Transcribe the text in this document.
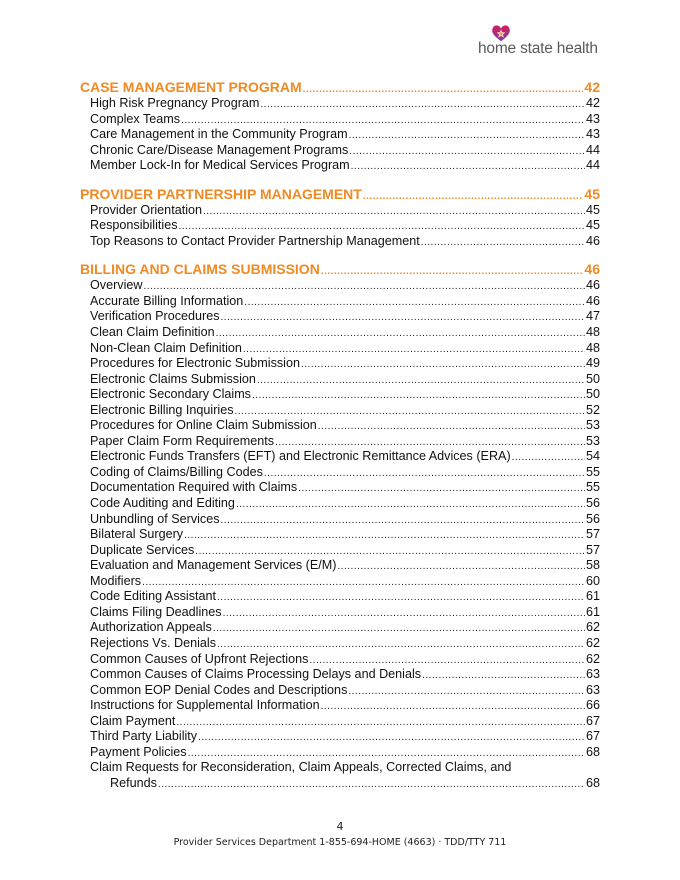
home state health
CASE MANAGEMENT PROGRAM .....	42
High Risk Pregnancy Program .....	42
Complex Teams .....	43
Care Management in the Community Program .....	43
Chronic Care/Disease Management Programs .....	44
Member Lock-In for Medical Services Program .....	44
PROVIDER PARTNERSHIP MANAGEMENT .....	45
Provider Orientation .....	45
Responsibilities .....	45
Top Reasons to Contact Provider Partnership Management .....	46
BILLING AND CLAIMS SUBMISSION .....	46
Overview .....	46
Accurate Billing Information .....	46
Verification Procedures .....	47
Clean Claim Definition .....	48
Non-Clean Claim Definition .....	48
Procedures for Electronic Submission .....	49
Electronic Claims Submission .....	50
Electronic Secondary Claims .....	50
Electronic Billing Inquiries .....	52
Procedures for Online Claim Submission .....	53
Paper Claim Form Requirements .....	53
Electronic Funds Transfers (EFT) and Electronic Remittance Advices (ERA) .....	54
Coding of Claims/Billing Codes .....	55
Documentation Required with Claims .....	55
Code Auditing and Editing .....	56
Unbundling of Services .....	56
Bilateral Surgery .....	57
Duplicate Services .....	57
Evaluation and Management Services (E/M) .....	58
Modifiers .....	60
Code Editing Assistant .....	61
Claims Filing Deadlines .....	61
Authorization Appeals .....	62
Rejections Vs. Denials .....	62
Common Causes of Upfront Rejections .....	62
Common Causes of Claims Processing Delays and Denials .....	63
Common EOP Denial Codes and Descriptions .....	63
Instructions for Supplemental Information .....	66
Claim Payment .....	67
Third Party Liability .....	67
Payment Policies .....	68
Claim Requests for Reconsideration, Claim Appeals, Corrected Claims, and
Refunds .....	68
4
Provider Services Department 1-855-694-HOME (4663) · TDD/TTY 711
